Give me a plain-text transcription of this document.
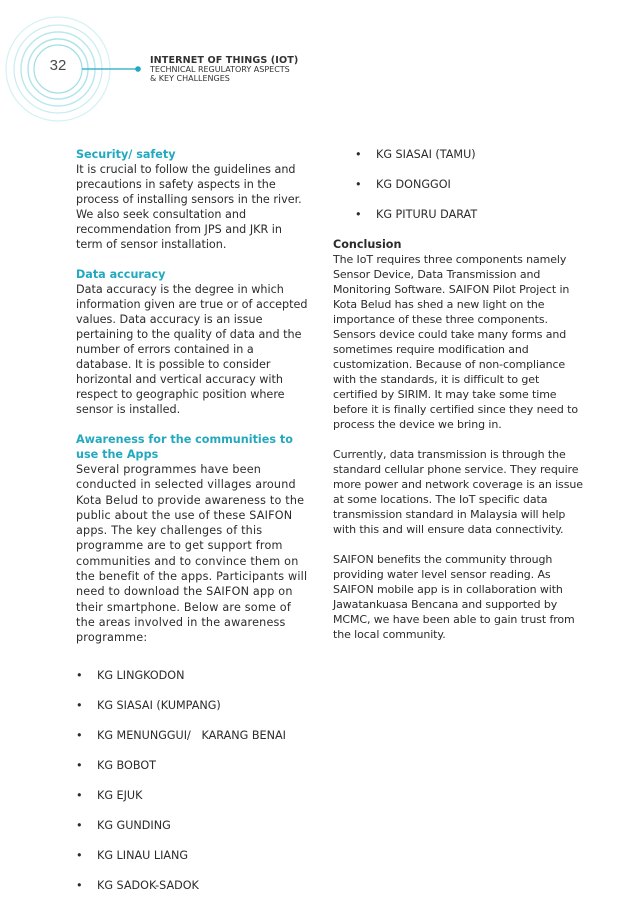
32	INTERNET OF THINGS (IOT)
TECHNICAL REGULATORY ASPECTS
& KEY CHALLENGES
Security/ safety

It is crucial to follow the guidelines and precautions in safety aspects in the process of installing sensors in the river. We also seek consultation and recommendation from JPS and JKR in term of sensor installation.

Data accuracy

Data accuracy is the degree in which information given are true or of accepted values. Data accuracy is an issue pertaining to the quality of data and the number of errors contained in a database. It is possible to consider horizontal and vertical accuracy with respect to geographic position where sensor is installed.

Awareness for the communities to use the Apps

Several programmes have been conducted in selected villages around Kota Belud to provide awareness to the public about the use of these SAIFON apps. The key challenges of this programme are to get support from communities and to convince them on the benefit of the apps. Participants will need to download the SAIFON app on their smartphone. Below are some of the areas involved in the awareness programme:

• KG LINGKODON
• KG SIASAI (KUMPANG)
• KG MENUNGGUI/   KARANG BENAI
• KG BOBOT
• KG EJUK
• KG GUNDING
• KG LINAU LIANG
• KG SADOK-SADOK
• KG SIASAI (TAMU)
• KG DONGGOI
• KG PITURU DARAT
Conclusion

The IoT requires three components namely Sensor Device, Data Transmission and Monitoring Software. SAIFON Pilot Project in Kota Belud has shed a new light on the importance of these three components. Sensors device could take many forms and sometimes require modification and customization. Because of non-compliance with the standards, it is difficult to get certified by SIRIM. It may take some time before it is finally certified since they need to process the device we bring in.

Currently, data transmission is through the standard cellular phone service. They require more power and network coverage is an issue at some locations. The IoT specific data transmission standard in Malaysia will help with this and will ensure data connectivity.

SAIFON benefits the community through providing water level sensor reading. As SAIFON mobile app is in collaboration with Jawatankuasa Bencana and supported by MCMC, we have been able to gain trust from the local community.
